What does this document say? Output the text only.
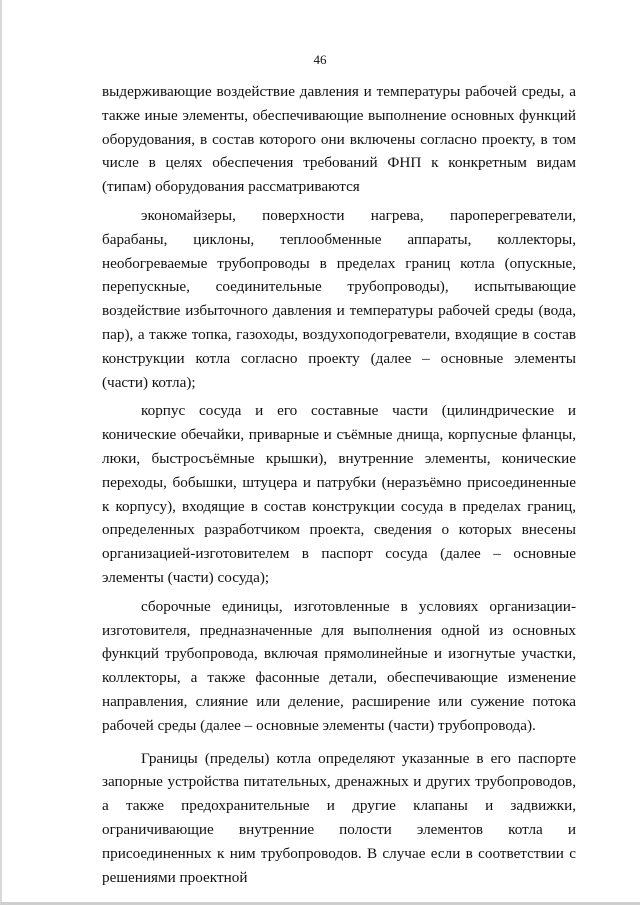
46

выдерживающие воздействие давления и температуры рабочей среды, а также иные элементы, обеспечивающие выполнение основных функций оборудования, в состав которого они включены согласно проекту, в том числе в целях обеспечения требований ФНП к конкретным видам (типам) оборудования рассматриваются

экономайзеры, поверхности нагрева, пароперегреватели, барабаны, циклоны, теплообменные аппараты, коллекторы, необогреваемые трубопроводы в пределах границ котла (опускные, перепускные, соединительные трубопроводы), испытывающие воздействие избыточного давления и температуры рабочей среды (вода, пар), а также топка, газоходы, воздухоподогреватели, входящие в состав конструкции котла согласно проекту (далее – основные элементы (части) котла);

корпус сосуда и его составные части (цилиндрические и конические обечайки, приварные и съёмные днища, корпусные фланцы, люки, быстросъёмные крышки), внутренние элементы, конические переходы, бобышки, штуцера и патрубки (неразъёмно присоединенные к корпусу), входящие в состав конструкции сосуда в пределах границ, определенных разработчиком проекта, сведения о которых внесены организацией-изготовителем в паспорт сосуда (далее – основные элементы (части) сосуда);

сборочные единицы, изготовленные в условиях организации-изготовителя, предназначенные для выполнения одной из основных функций трубопровода, включая прямолинейные и изогнутые участки, коллекторы, а также фасонные детали, обеспечивающие изменение направления, слияние или деление, расширение или сужение потока рабочей среды (далее – основные элементы (части) трубопровода).

Границы (пределы) котла определяют указанные в его паспорте запорные устройства питательных, дренажных и других трубопроводов, а также предохранительные и другие клапаны и задвижки, ограничивающие внутренние полости элементов котла и присоединенных к ним трубопроводов. В случае если в соответствии с решениями проектной
